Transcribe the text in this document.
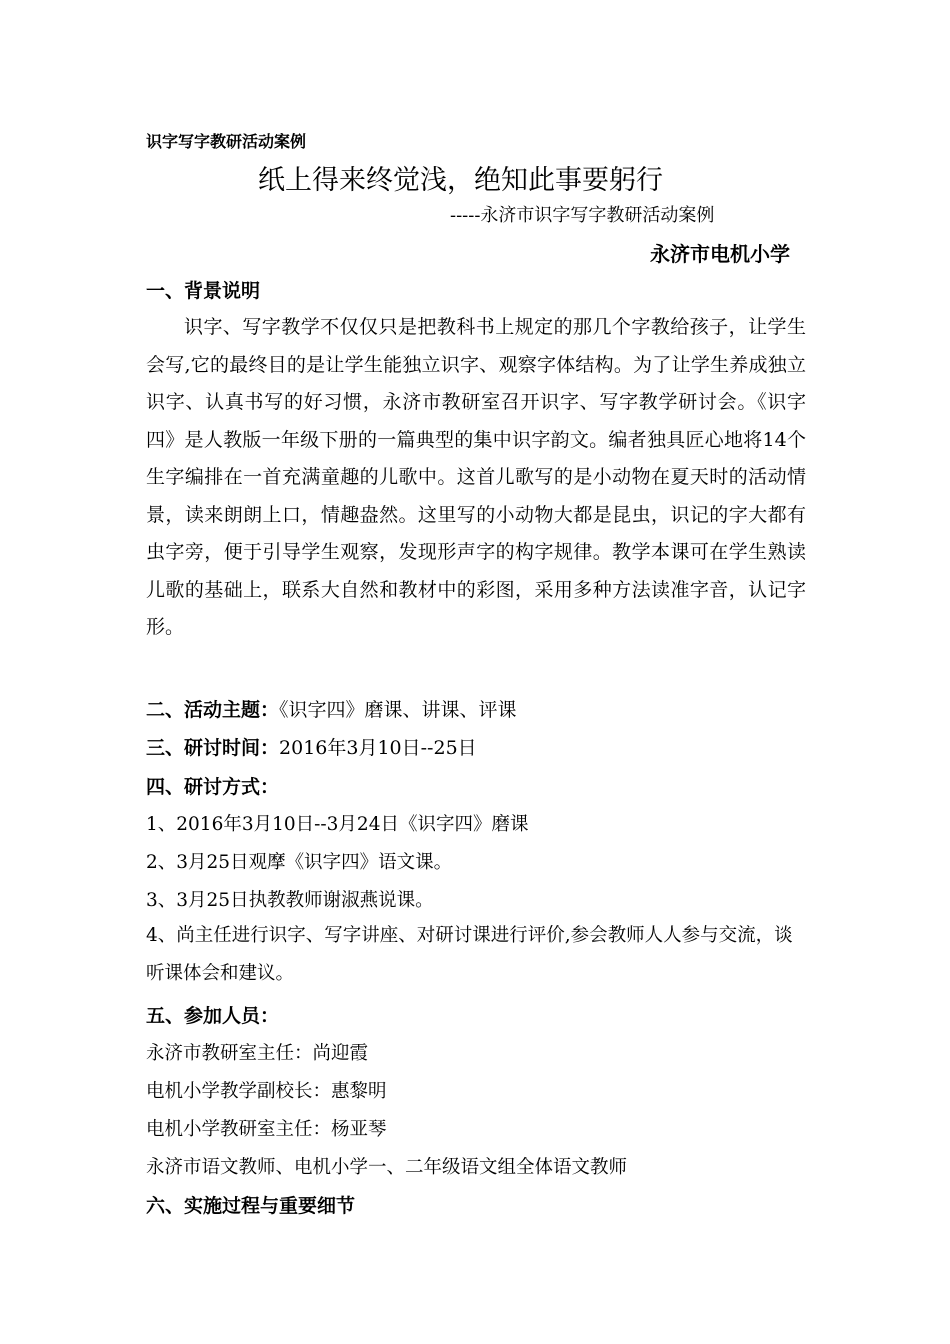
识字写字教研活动案例
纸上得来终觉浅，绝知此事要躬行
-----永济市识字写字教研活动案例
永济市电机小学
一、背景说明
识字、写字教学不仅仅只是把教科书上规定的那几个字教给孩子，让学生会写,它的最终目的是让学生能独立识字、观察字体结构。为了让学生养成独立识字、认真书写的好习惯，永济市教研室召开识字、写字教学研讨会。《识字四》是人教版一年级下册的一篇典型的集中识字韵文。编者独具匠心地将14个生字编排在一首充满童趣的儿歌中。这首儿歌写的是小动物在夏天时的活动情景，读来朗朗上口，情趣盎然。这里写的小动物大都是昆虫，识记的字大都有虫字旁，便于引导学生观察，发现形声字的构字规律。教学本课可在学生熟读儿歌的基础上，联系大自然和教材中的彩图，采用多种方法读准字音，认记字形。
二、活动主题：《识字四》磨课、讲课、评课
三、研讨时间：2016年3月10日--25日
四、研讨方式：
1、2016年3月10日--3月24日《识字四》磨课
2、3月25日观摩《识字四》语文课。
3、3月25日执教教师谢淑燕说课。
4、尚主任进行识字、写字讲座、对研讨课进行评价,参会教师人人参与交流，谈听课体会和建议。
五、参加人员：
永济市教研室主任：尚迎霞
电机小学教学副校长：惠黎明
电机小学教研室主任：杨亚琴
永济市语文教师、电机小学一、二年级语文组全体语文教师
六、实施过程与重要细节
